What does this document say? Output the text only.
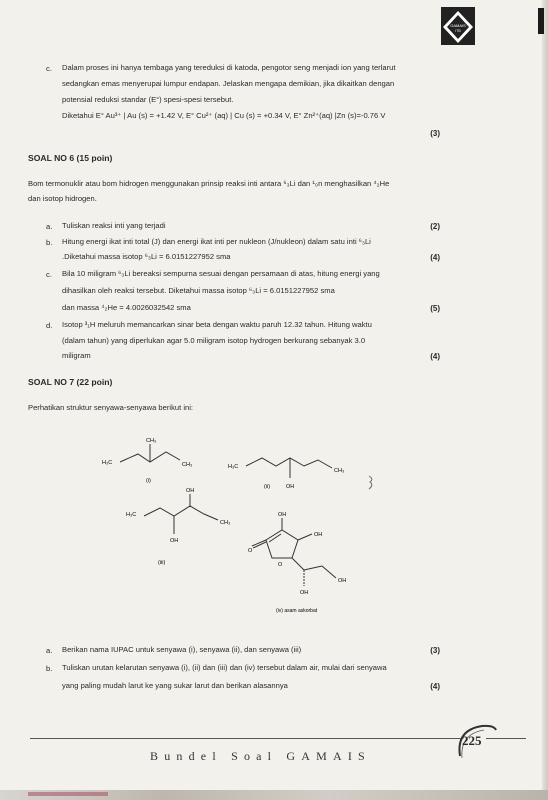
GAMAIS
ITB
c. Dalam proses ini hanya tembaga yang tereduksi di katoda, pengotor seng menjadi ion yang terlarut
sedangkan emas menyerupai lumpur endapan. Jelaskan mengapa demikian, jika dikaitkan dengan
potensial reduksi standar (E°) spesi-spesi tersebut.
Diketahui E° Au³⁺ | Au (s) = +1.42 V, E° Cu²⁺ (aq) | Cu (s) = +0.34 V, E° Zn²⁺(aq) |Zn (s)=-0.76 V
(3)
SOAL NO 6 (15 poin)
Bom termonuklir atau bom hidrogen menggunakan prinsip reaksi inti antara ⁶₃Li dan ¹₀n menghasilkan ⁴₂He
dan isotop hidrogen.
a. Tuliskan reaksi inti yang terjadi	(2)
b. Hitung energi ikat inti total (J) dan energi ikat inti per nukleon (J/nukleon) dalam satu inti ⁶₃Li
.Diketahui massa isotop ⁶₃Li = 6.0151227952 sma	(4)
c. Bila 10 miligram ⁶₃Li bereaksi sempurna sesuai dengan persamaan di atas, hitung energi yang
dihasilkan oleh reaksi tersebut. Diketahui massa isotop ⁶₃Li = 6.0151227952 sma
dan massa ⁴₂He = 4.0026032542 sma	(5)
d. Isotop ³₁H meluruh memancarkan sinar beta dengan waktu paruh 12.32 tahun. Hitung waktu
(dalam tahun) yang diperlukan agar 5.0 miligram isotop hydrogen berkurang sebanyak 3.0
miligram	(4)
SOAL NO 7 (22 poin)
Perhatikan struktur senyawa-senyawa berikut ini:
CH₃
H₃C	CH₃
(i)
H₃C
CH₃
OH
(ii)
OH
H₃C
CH₃
OH
(iii)
OH
OH
O
O
OH
OH
(iv) asam askorbat
a. Berikan nama IUPAC untuk senyawa (i), senyawa (ii), dan senyawa (iii)	(3)
b. Tuliskan urutan kelarutan senyawa (i), (ii) dan (iii) dan (iv) tersebut dalam air, mulai dari senyawa
yang paling mudah larut ke yang sukar larut dan berikan alasannya	(4)
225
Bundel Soal GAMAIS
